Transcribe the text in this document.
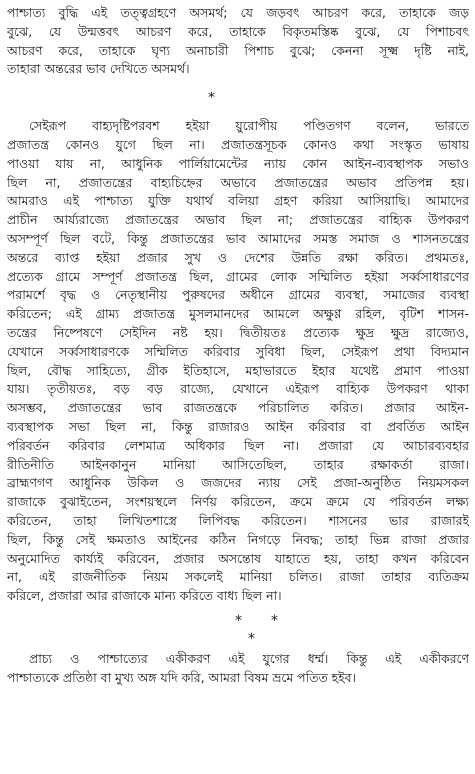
পাশ্চাত্য বুদ্ধি এই তত্ত্বগ্রহণে অসমর্থ; যে জড়বৎ আচরণ করে, তাহাকে জড়
বুঝে, যে উন্মত্তবৎ আচরণ করে, তাহাকে বিকৃতমস্তিষ্ক বুঝে, যে পিশাচবৎ
আচরণ করে, তাহাকে ঘৃণ্য অনাচারী পিশাচ বুঝে; কেননা সূক্ষ্ম দৃষ্টি নাই,
তাহারা অন্তরের ভাব দেখিতে অসমর্থ।
*
সেইরূপ বাহ্যদৃষ্টিপরবশ হইয়া য়ুরোপীয় পণ্ডিতগণ বলেন, ভারতে
প্রজাতন্ত্র কোনও যুগে ছিল না। প্রজাতন্ত্রসূচক কোনও কথা সংস্কৃত ভাষায়
পাওয়া যায় না, আধুনিক পার্লিয়ামেন্টের ন্যায় কোন আইন-ব্যবস্থাপক সভাও
ছিল না, প্রজাতন্ত্রের বাহ্যচিহ্নের অভাবে প্রজাতন্ত্রের অভাব প্রতিপন্ন হয়।
আমরাও এই পাশ্চাত্য যুক্তি যথার্থ বলিয়া গ্রহণ করিয়া আসিয়াছি। আমাদের
প্রাচীন আর্য্যরাজ্যে প্রজাতন্ত্রের অভাব ছিল না; প্রজাতন্ত্রের বাহ্যিক উপকরণ
অসম্পূর্ণ ছিল বটে, কিন্তু প্রজাতন্ত্রের ভাব আমাদের সমস্ত সমাজ ও শাসনতন্ত্রের
অন্তরে ব্যাপ্ত হইয়া প্রজার সুখ ও দেশের উন্নতি রক্ষা করিত। প্রথমতঃ,
প্রত্যেক গ্রামে সম্পূর্ণ প্রজাতন্ত্র ছিল, গ্রামের লোক সম্মিলিত হইয়া সর্ব্বসাধারণের
পরামর্শে বৃদ্ধ ও নেতৃস্থানীয় পুরুষদের অধীনে গ্রামের ব্যবস্থা, সমাজের ব্যবস্থা
করিতেন; এই গ্রাম্য প্রজাতন্ত্র মুসলমানদের আমলে অক্ষুণ্ণ রহিল, বৃটিশ শাসন-
তন্ত্রের নিষ্পেষণে সেইদিন নষ্ট হয়। দ্বিতীয়তঃ প্রত্যেক ক্ষুদ্র ক্ষুদ্র রাজ্যেও,
যেখানে সর্ব্বসাধারণকে সম্মিলিত করিবার সুবিধা ছিল, সেইরূপ প্রথা বিদ্যমান
ছিল, বৌদ্ধ সাহিত্যে, গ্রীক ইতিহাসে, মহাভারতে ইহার যথেষ্ট প্রমাণ পাওয়া
যায়। তৃতীয়তঃ, বড় বড় রাজ্যে, যেখানে এইরূপ বাহ্যিক উপকরণ থাকা
অসম্ভব, প্রজাতন্ত্রের ভাব রাজতন্ত্রকে পরিচালিত করিত। প্রজার আইন-
ব্যবস্থাপক সভা ছিল না, কিন্তু রাজারও আইন করিবার বা প্রবর্তিত আইন
পরিবর্তন করিবার লেশমাত্র অধিকার ছিল না। প্রজারা যে আচারব্যবহার
রীতিনীতি আইনকানুন মানিয়া আসিতেছিল, তাহার রক্ষাকর্তা রাজা।
ব্রাহ্মণগণ আধুনিক উকিল ও জজদের ন্যায় সেই প্রজা-অনুষ্ঠিত নিয়মসকল
রাজাকে বুঝাইতেন, সংশয়স্থলে নির্ণয় করিতেন, ক্রমে ক্রমে যে পরিবর্তন লক্ষ্য
করিতেন, তাহা লিখিতশাস্ত্রে লিপিবদ্ধ করিতেন। শাসনের ভার রাজারই
ছিল, কিন্তু সেই ক্ষমতাও আইনের কঠিন নিগড়ে নিবদ্ধ; তাহা ভিন্ন রাজা প্রজার
অনুমোদিত কার্য্যই করিবেন, প্রজার অসন্তোষ যাহাতে হয়, তাহা কখন করিবেন
না, এই রাজনীতিক নিয়ম সকলেই মানিয়া চলিত। রাজা তাহার ব্যতিক্রম
করিলে, প্রজারা আর রাজাকে মান্য করিতে বাধ্য ছিল না।
* *
*
প্রাচ্য ও পাশ্চাত্যের একীকরণ এই যুগের ধর্ম্ম। কিন্তু এই একীকরণে
পাশ্চাত্যকে প্রতিষ্ঠা বা মুখ্য অঙ্গ যদি করি, আমরা বিষম ভ্রমে পতিত হইব।
